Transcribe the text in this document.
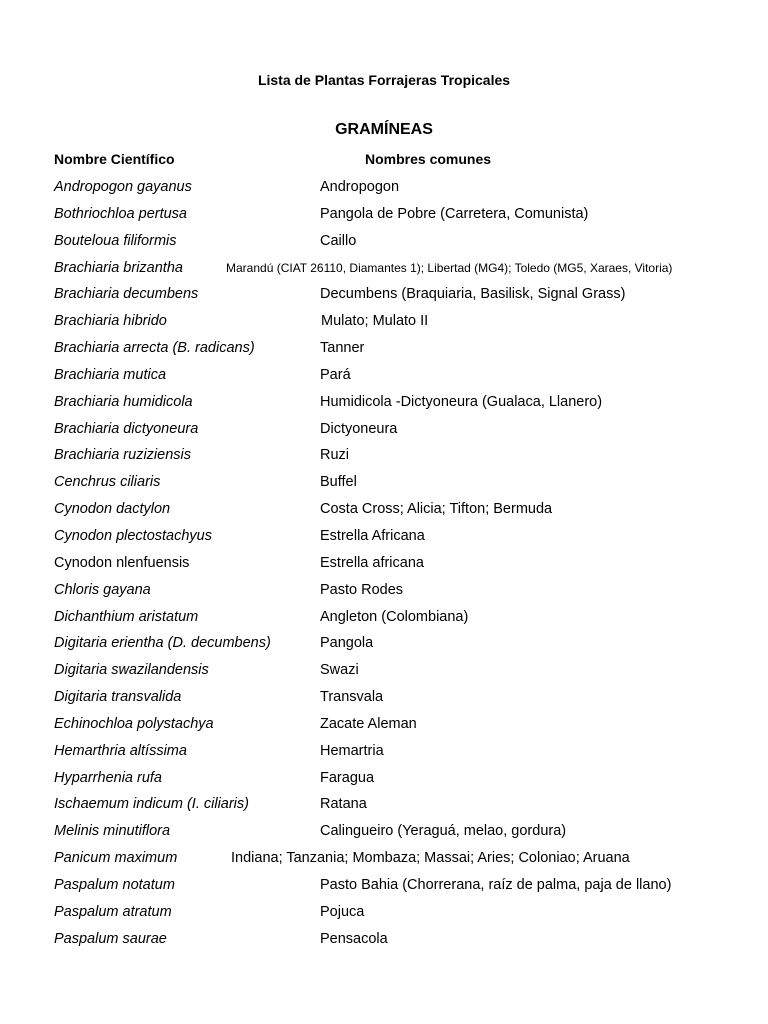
Lista de Plantas Forrajeras Tropicales
GRAMÍNEAS
Nombre Científico	Nombres comunes
Andropogon gayanus	Andropogon
Bothriochloa pertusa	Pangola de Pobre (Carretera, Comunista)
Bouteloua filiformis	Caillo
Brachiaria brizantha	Marandú (CIAT 26110, Diamantes 1); Libertad (MG4); Toledo (MG5, Xaraes, Vitoria)
Brachiaria decumbens	Decumbens (Braquiaria, Basilisk, Signal Grass)
Brachiaria hibrido	Mulato; Mulato II
Brachiaria arrecta (B. radicans)	Tanner
Brachiaria mutica	Pará
Brachiaria humidicola	Humidicola -Dictyoneura (Gualaca, Llanero)
Brachiaria dictyoneura	Dictyoneura
Brachiaria ruziziensis	Ruzi
Cenchrus ciliaris	Buffel
Cynodon dactylon	Costa Cross; Alicia; Tifton; Bermuda
Cynodon plectostachyus	Estrella Africana
Cynodon nlenfuensis	Estrella africana
Chloris gayana	Pasto Rodes
Dichanthium aristatum	Angleton (Colombiana)
Digitaria erientha (D. decumbens)	Pangola
Digitaria swazilandensis	Swazi
Digitaria transvalida	Transvala
Echinochloa polystachya	Zacate Aleman
Hemarthria altíssima	Hemartria
Hyparrhenia rufa	Faragua
Ischaemum indicum (I. ciliaris)	Ratana
Melinis minutiflora	Calingueiro (Yeraguá, melao, gordura)
Panicum maximum	Indiana; Tanzania; Mombaza; Massai; Aries; Coloniao; Aruana
Paspalum notatum	Pasto Bahia (Chorrerana, raíz de palma, paja de llano)
Paspalum atratum	Pojuca
Paspalum saurae	Pensacola
